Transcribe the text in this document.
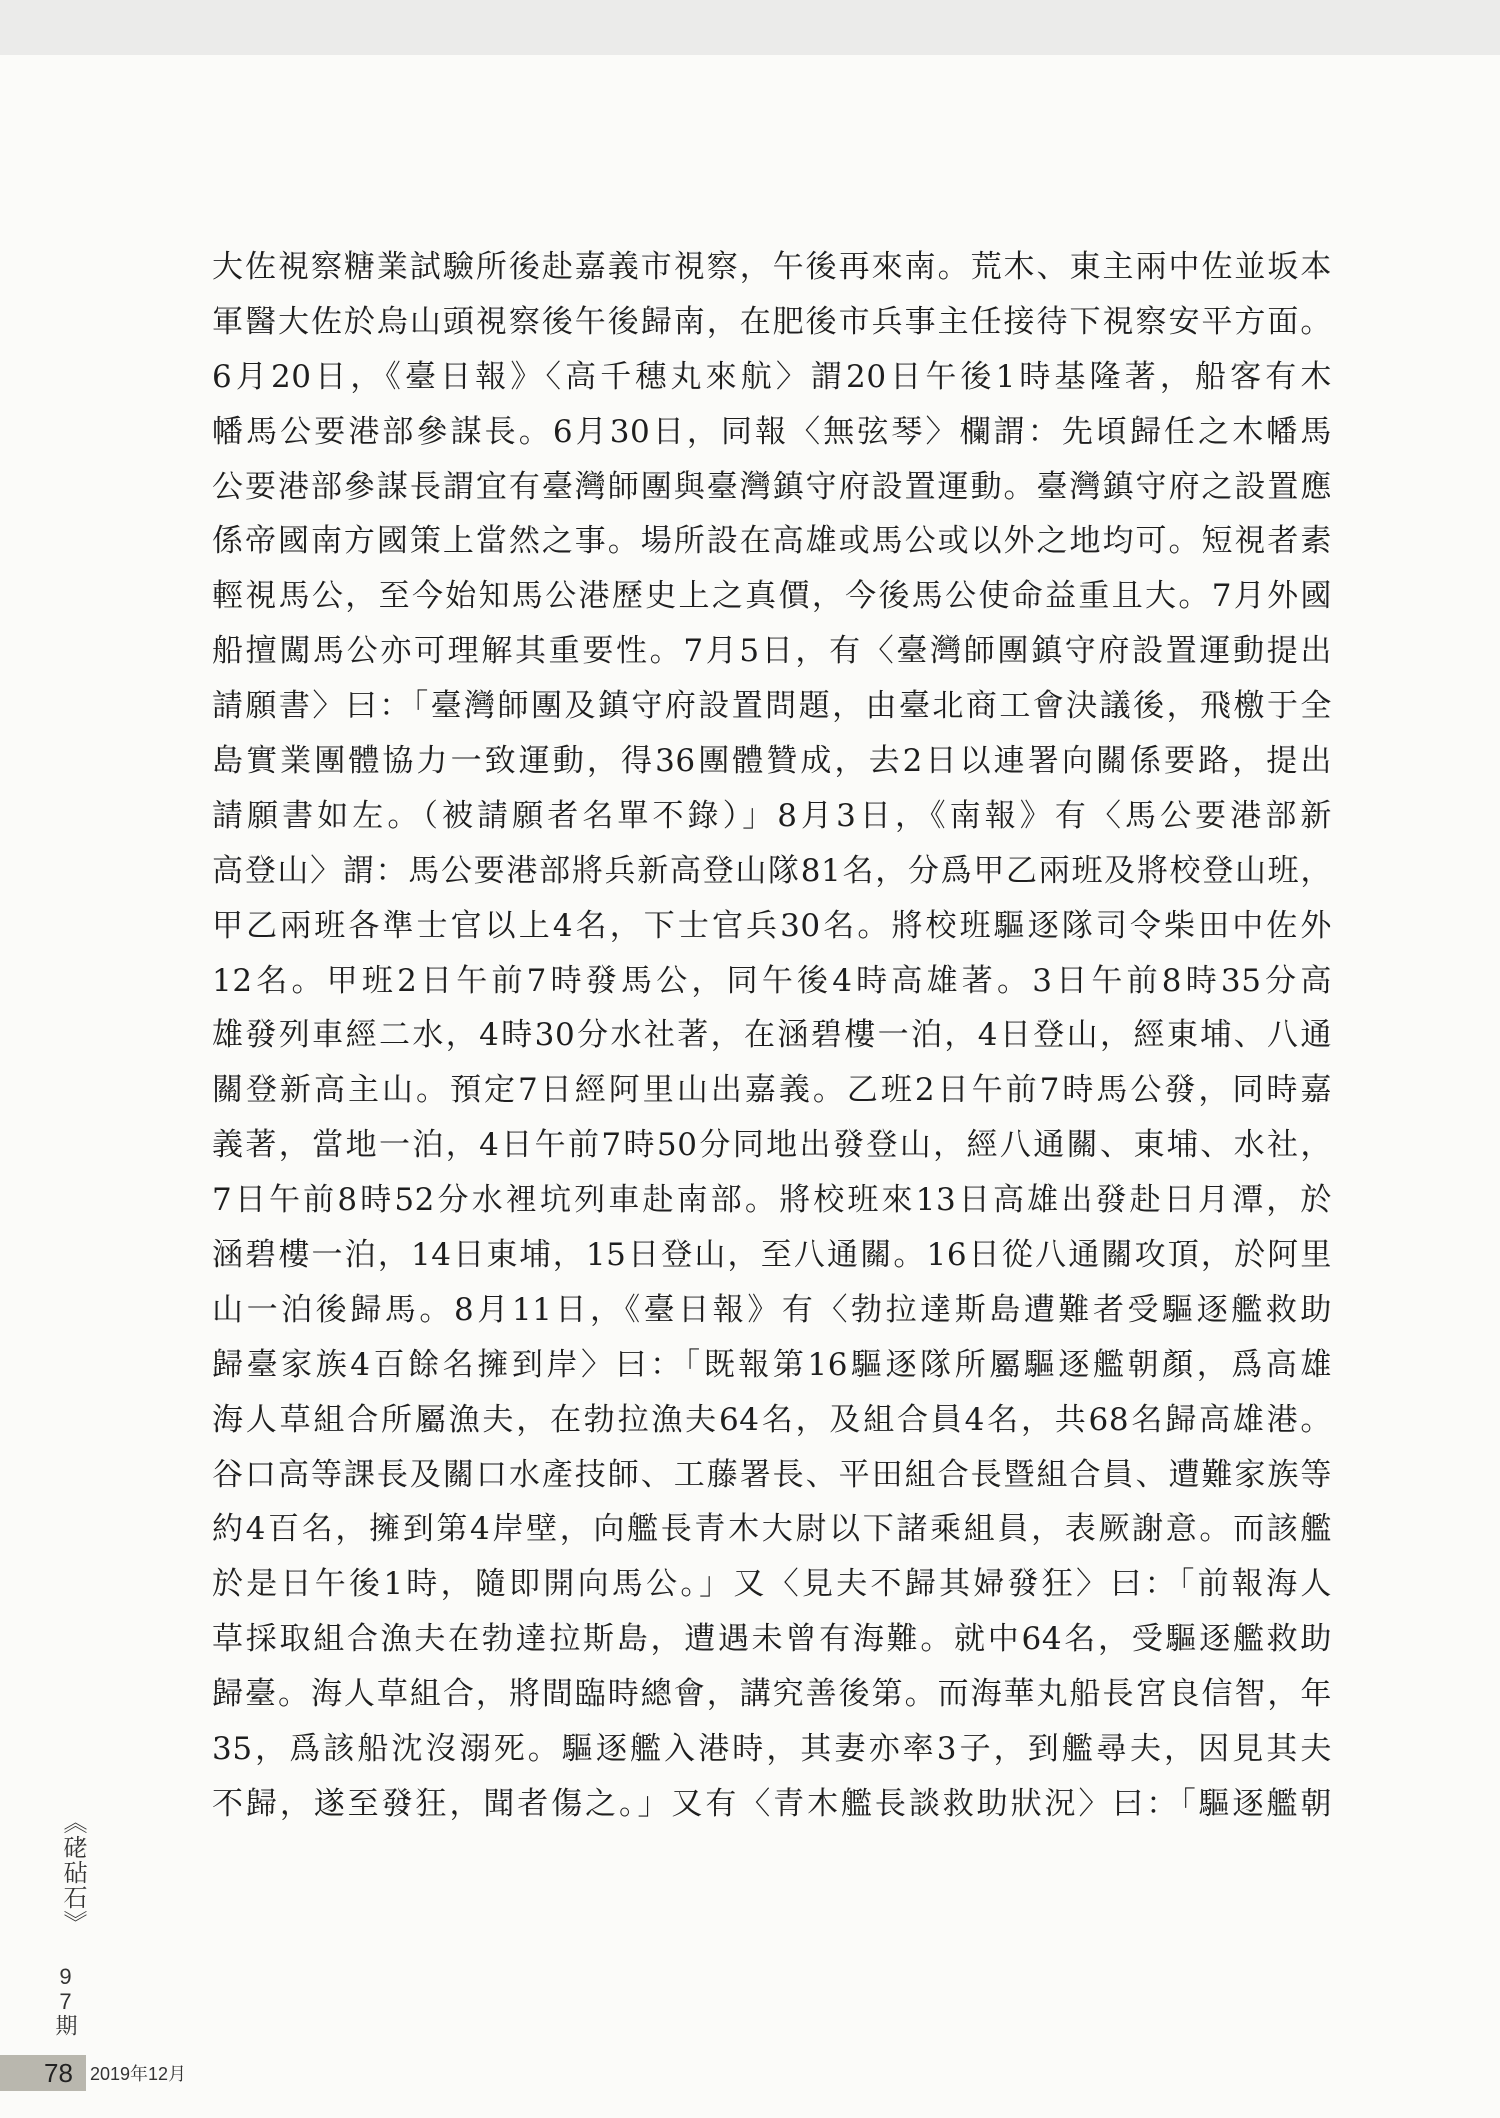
大佐視察糖業試驗所後赴嘉義市視察，午後再來南。荒木、東主兩中佐並坂本
軍醫大佐於烏山頭視察後午後歸南，在肥後市兵事主任接待下視察安平方面。
6月20日，《臺日報》〈高千穗丸來航〉謂20日午後1時基隆著，船客有木
幡馬公要港部參謀長。6月30日，同報〈無弦琴〉欄謂：先頃歸任之木幡馬
公要港部參謀長謂宜有臺灣師團與臺灣鎮守府設置運動。臺灣鎮守府之設置應
係帝國南方國策上當然之事。場所設在高雄或馬公或以外之地均可。短視者素
輕視馬公，至今始知馬公港歷史上之真價，今後馬公使命益重且大。7月外國
船擅闖馬公亦可理解其重要性。7月5日，有〈臺灣師團鎮守府設置運動提出
請願書〉曰：「臺灣師團及鎮守府設置問題，由臺北商工會決議後，飛檄于全
島實業團體協力一致運動，得36團體贊成，去2日以連署向關係要路，提出
請願書如左。（被請願者名單不錄）」8月3日，《南報》有〈馬公要港部新
高登山〉謂：馬公要港部將兵新高登山隊81名，分爲甲乙兩班及將校登山班，
甲乙兩班各準士官以上4名，下士官兵30名。將校班驅逐隊司令柴田中佐外
12名。甲班2日午前7時發馬公，同午後4時高雄著。3日午前8時35分高
雄發列車經二水，4時30分水社著，在涵碧樓一泊，4日登山，經東埔、八通
關登新高主山。預定7日經阿里山出嘉義。乙班2日午前7時馬公發，同時嘉
義著，當地一泊，4日午前7時50分同地出發登山，經八通關、東埔、水社，
7日午前8時52分水裡坑列車赴南部。將校班來13日高雄出發赴日月潭，於
涵碧樓一泊，14日東埔，15日登山，至八通關。16日從八通關攻頂，於阿里
山一泊後歸馬。8月11日，《臺日報》有〈勃拉達斯島遭難者受驅逐艦救助
歸臺家族4百餘名擁到岸〉曰：「既報第16驅逐隊所屬驅逐艦朝顏，爲高雄
海人草組合所屬漁夫，在勃拉漁夫64名，及組合員4名，共68名歸高雄港。
谷口高等課長及關口水產技師、工藤署長、平田組合長暨組合員、遭難家族等
約4百名，擁到第4岸壁，向艦長青木大尉以下諸乘組員，表厥謝意。而該艦
於是日午後1時，隨即開向馬公。」又〈見夫不歸其婦發狂〉曰：「前報海人
草採取組合漁夫在勃達拉斯島，遭遇未曾有海難。就中64名，受驅逐艦救助
歸臺。海人草組合，將間臨時總會，講究善後第。而海華丸船長宮良信智，年
35，爲該船沈沒溺死。驅逐艦入港時，其妻亦率3子，到艦尋夫，因見其夫
不歸，遂至發狂，聞者傷之。」又有〈青木艦長談救助狀況〉曰：「驅逐艦朝
《硓砧石》
97期
78 2019年12月
